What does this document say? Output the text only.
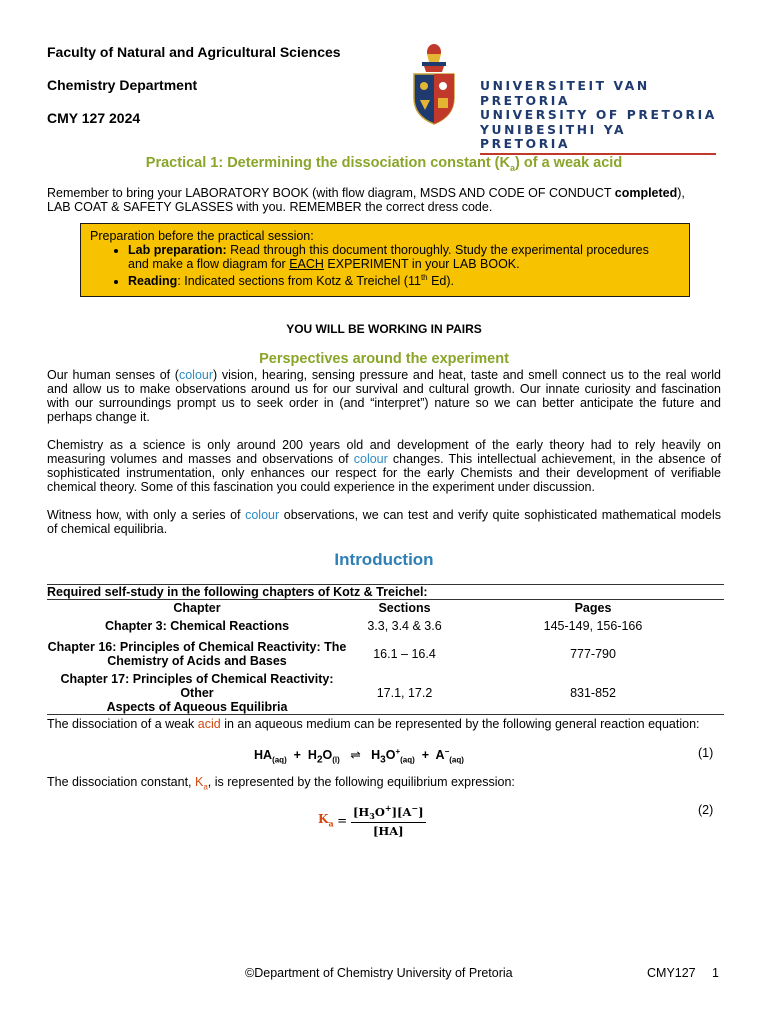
Faculty of Natural and Agricultural Sciences
Chemistry Department
CMY 127 2024
UNIVERSITEIT VAN PRETORIA
UNIVERSITY OF PRETORIA
YUNIBESITHI YA PRETORIA
Practical 1: Determining the dissociation constant $(K_a)$ of a weak acid
Remember to bring your LABORATORY BOOK (with flow diagram, MSDS AND CODE OF CONDUCT completed),
LAB COAT & SAFETY GLASSES with you. REMEMBER the correct dress code.
Preparation before the practical session:
• Lab preparation: Read through this document thoroughly. Study the experimental procedures
and make a flow diagram for EACH EXPERIMENT in your LAB BOOK.
• Reading: Indicated sections from Kotz & Treichel (11th Ed).
YOU WILL BE WORKING IN PAIRS
Perspectives around the experiment
Our human senses of (colour) vision, hearing, sensing pressure and heat, taste and smell connect us to the real world
and allow us to make observations around us for our survival and cultural growth. Our innate curiosity and fascination
with our surroundings prompt us to seek order in (and “interpret”) nature so we can better anticipate the future and
perhaps change it.
Chemistry as a science is only around 200 years old and development of the early theory had to rely heavily on
measuring volumes and masses and observations of colour changes. This intellectual achievement, in the absence of
sophisticated instrumentation, only enhances our respect for the early Chemists and their development of verifiable
chemical theory. Some of this fascination you could experience in the experiment under discussion.
Witness how, with only a series of colour observations, we can test and verify quite sophisticated mathematical models
of chemical equilibria.
Introduction
Required self-study in the following chapters of Kotz & Treichel:		
Chapter	Sections	Pages
Chapter 3: Chemical Reactions	3.3, 3.4 & 3.6	145-149, 156-166
Chapter 16: Principles of Chemical Reactivity: The
Chemistry of Acids and Bases	16.1 – 16.4	777-790
Chapter 17: Principles of Chemical Reactivity: Other
Aspects of Aqueous Equilibria	17.1, 17.2	831-852

The dissociation of a weak acid in an aqueous medium can be represented by the following general reaction equation:
$HA_{(aq)} + H_2O_{(l)}$ ⇌   $H_3O^+_{(aq)} + A^-_{(aq)}$
(1)
The dissociation constant, $K_a$, is represented by the following equilibrium expression:
$K_a = \frac{[H_3O^+][A^-]}{[HA]}$	(2)
©Department of Chemistry University of Pretoria	CMY127 1
